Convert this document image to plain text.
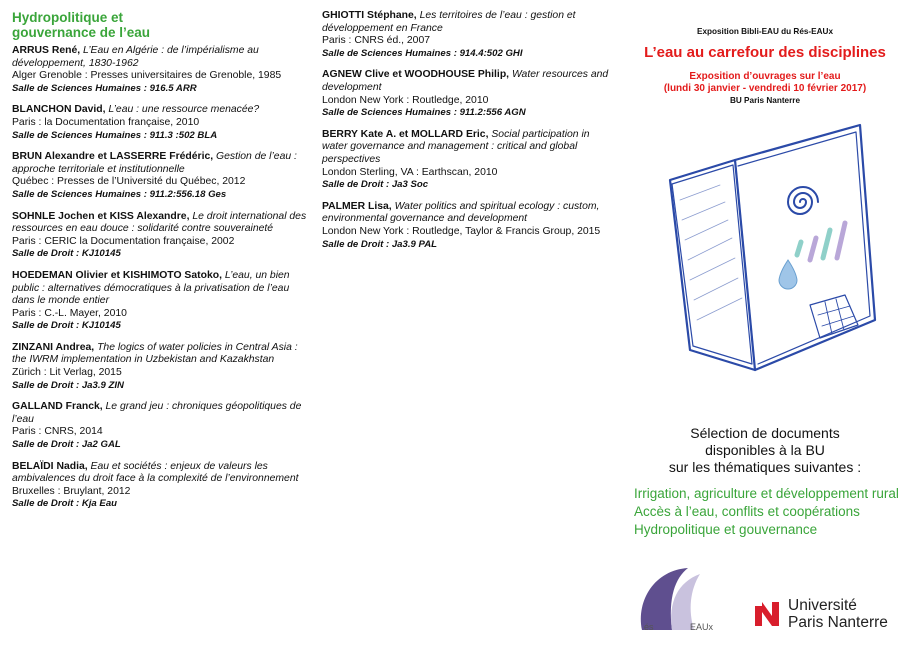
Hydropolitique et gouvernance de l’eau
ARRUS René, L’Eau en Algérie : de l’impérialisme au développement, 1830-1962
Alger Grenoble : Presses universitaires de Grenoble, 1985
Salle de Sciences Humaines : 916.5 ARR
BLANCHON David, L’eau : une ressource menacée?
Paris : la Documentation française, 2010
Salle de Sciences Humaines : 911.3 :502 BLA
BRUN Alexandre et LASSERRE Frédéric, Gestion de l’eau : approche territoriale et institutionnelle
Québec : Presses de l’Université du Québec, 2012
Salle de Sciences Humaines : 911.2:556.18 Ges
SOHNLE Jochen et KISS Alexandre, Le droit international des ressources en eau douce : solidarité contre souveraineté
Paris : CERIC la Documentation française, 2002
Salle de Droit : KJ10145
HOEDEMAN Olivier et KISHIMOTO Satoko, L’eau, un bien public : alternatives démocratiques à la privatisation de l’eau dans le monde entier
Paris : C.-L. Mayer, 2010
Salle de Droit : KJ10145
ZINZANI Andrea, The logics of water policies in Central Asia : the IWRM implementation in Uzbekistan and Kazakhstan
Zürich : Lit Verlag, 2015
Salle de Droit : Ja3.9 ZIN
GALLAND Franck, Le grand jeu : chroniques géopolitiques de l’eau
Paris : CNRS, 2014
Salle de Droit : Ja2 GAL
BELAÏDI Nadia, Eau et sociétés : enjeux de valeurs les ambivalences du droit face à la complexité de l’environnement
Bruxelles : Bruylant, 2012
Salle de Droit : Kja Eau
GHIOTTI Stéphane, Les territoires de l’eau : gestion et développement en France
Paris : CNRS éd., 2007
Salle de Sciences Humaines : 914.4:502 GHI
AGNEW Clive et WOODHOUSE Philip, Water resources and development
London New York : Routledge, 2010
Salle de Sciences Humaines : 911.2:556 AGN
BERRY Kate A. et MOLLARD Eric, Social participation in water governance and management : critical and global perspectives
London Sterling, VA : Earthscan, 2010
Salle de Droit : Ja3 Soc
PALMER Lisa, Water politics and spiritual ecology : custom, environmental governance and development
London New York : Routledge, Taylor & Francis Group, 2015
Salle de Droit : Ja3.9 PAL
Exposition Bibli-EAU du Rés-EAUx
L’eau au carrefour des disciplines
Exposition d’ouvrages sur l’eau
(lundi 30 janvier - vendredi 10 février 2017)
BU Paris Nanterre
Sélection de documents
disponibles à la BU
sur les thématiques suivantes :
Irrigation, agriculture et développement rural
Accès à l’eau, conflits et coopérations
Hydropolitique et gouvernance
és	EAUx
Université
Paris Nanterre
